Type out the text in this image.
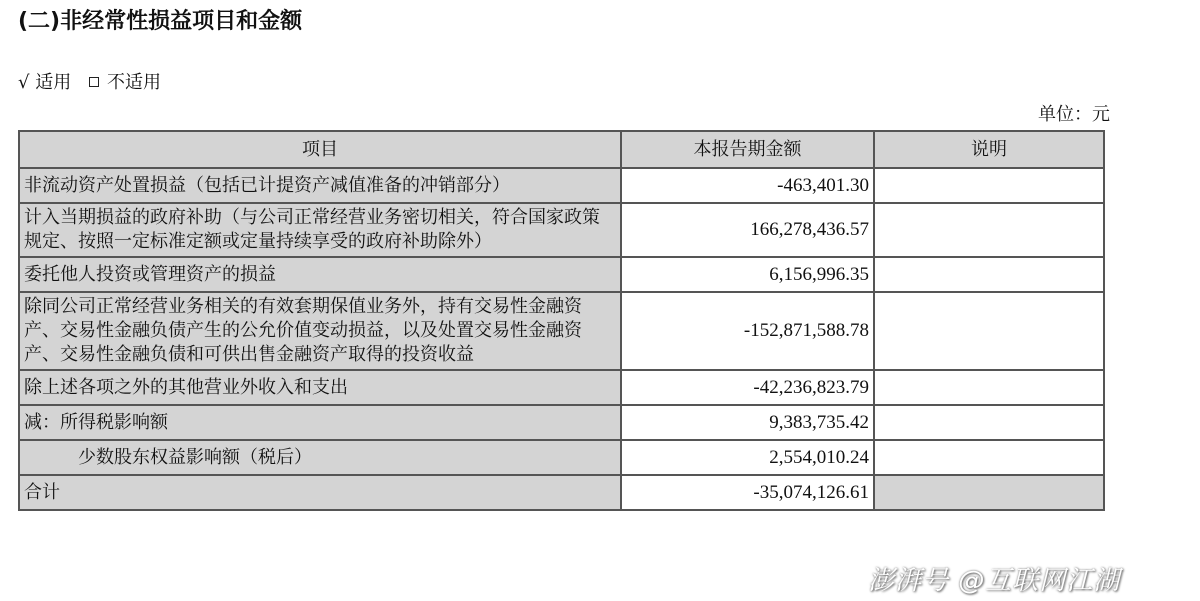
(二)非经常性损益项目和金额
√ 适用 不适用
单位：元
项目	本报告期金额	说明
非流动资产处置损益（包括已计提资产减值准备的冲销部分）	-463,401.30	
计入当期损益的政府补助（与公司正常经营业务密切相关，符合国家政策规定、按照一定标准定额或定量持续享受的政府补助除外）	166,278,436.57	
委托他人投资或管理资产的损益	6,156,996.35	
除同公司正常经营业务相关的有效套期保值业务外，持有交易性金融资产、交易性金融负债产生的公允价值变动损益，以及处置交易性金融资产、交易性金融负债和可供出售金融资产取得的投资收益	-152,871,588.78	
除上述各项之外的其他营业外收入和支出	-42,236,823.79	
减：所得税影响额	9,383,735.42	
少数股东权益影响额（税后）	2,554,010.24	
合计	-35,074,126.61	
澎湃号 @互联网江湖
